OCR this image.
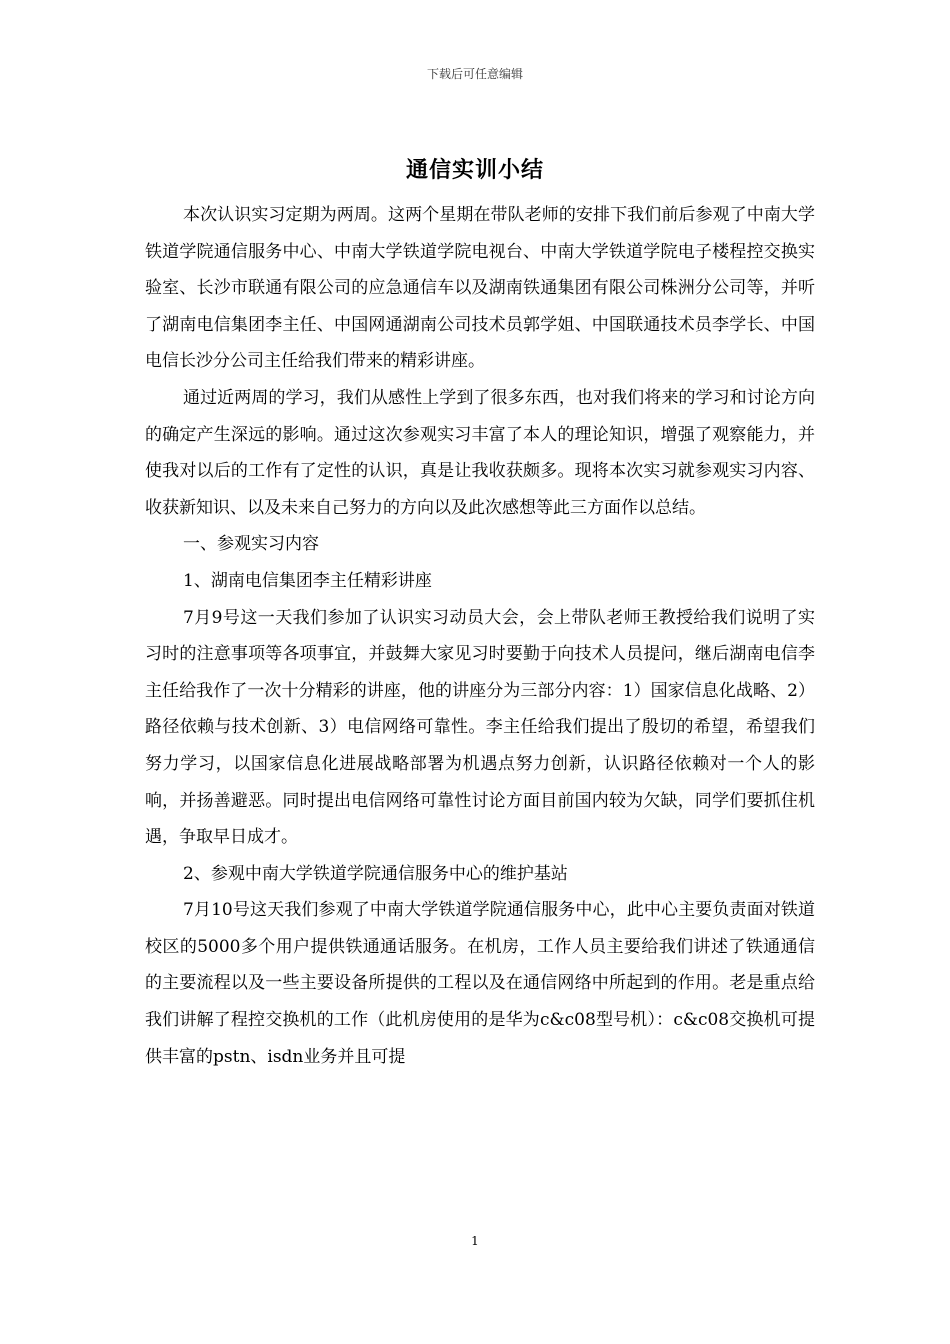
下载后可任意编辑
通信实训小结

本次认识实习定期为两周。这两个星期在带队老师的安排下我们前后参观了中南大学铁道学院通信服务中心、中南大学铁道学院电视台、中南大学铁道学院电子楼程控交换实验室、长沙市联通有限公司的应急通信车以及湖南铁通集团有限公司株洲分公司等，并听了湖南电信集团李主任、中国网通湖南公司技术员郭学姐、中国联通技术员李学长、中国电信长沙分公司主任给我们带来的精彩讲座。

通过近两周的学习，我们从感性上学到了很多东西，也对我们将来的学习和讨论方向的确定产生深远的影响。通过这次参观实习丰富了本人的理论知识，增强了观察能力，并使我对以后的工作有了定性的认识，真是让我收获颇多。现将本次实习就参观实习内容、收获新知识、以及未来自己努力的方向以及此次感想等此三方面作以总结。

一、参观实习内容

1、湖南电信集团李主任精彩讲座

7月9号这一天我们参加了认识实习动员大会，会上带队老师王教授给我们说明了实习时的注意事项等各项事宜，并鼓舞大家见习时要勤于向技术人员提问，继后湖南电信李主任给我作了一次十分精彩的讲座，他的讲座分为三部分内容：1）国家信息化战略、2）路径依赖与技术创新、3）电信网络可靠性。李主任给我们提出了殷切的希望，希望我们努力学习，以国家信息化进展战略部署为机遇点努力创新，认识路径依赖对一个人的影响，并扬善避恶。同时提出电信网络可靠性讨论方面目前国内较为欠缺，同学们要抓住机遇，争取早日成才。

2、参观中南大学铁道学院通信服务中心的维护基站

7月10号这天我们参观了中南大学铁道学院通信服务中心，此中心主要负责面对铁道校区的5000多个用户提供铁通通话服务。在机房，工作人员主要给我们讲述了铁通通信的主要流程以及一些主要设备所提供的工程以及在通信网络中所起到的作用。老是重点给我们讲解了程控交换机的工作（此机房使用的是华为c&c08型号机）：c&c08交换机可提供丰富的pstn、isdn业务并且可提

1
